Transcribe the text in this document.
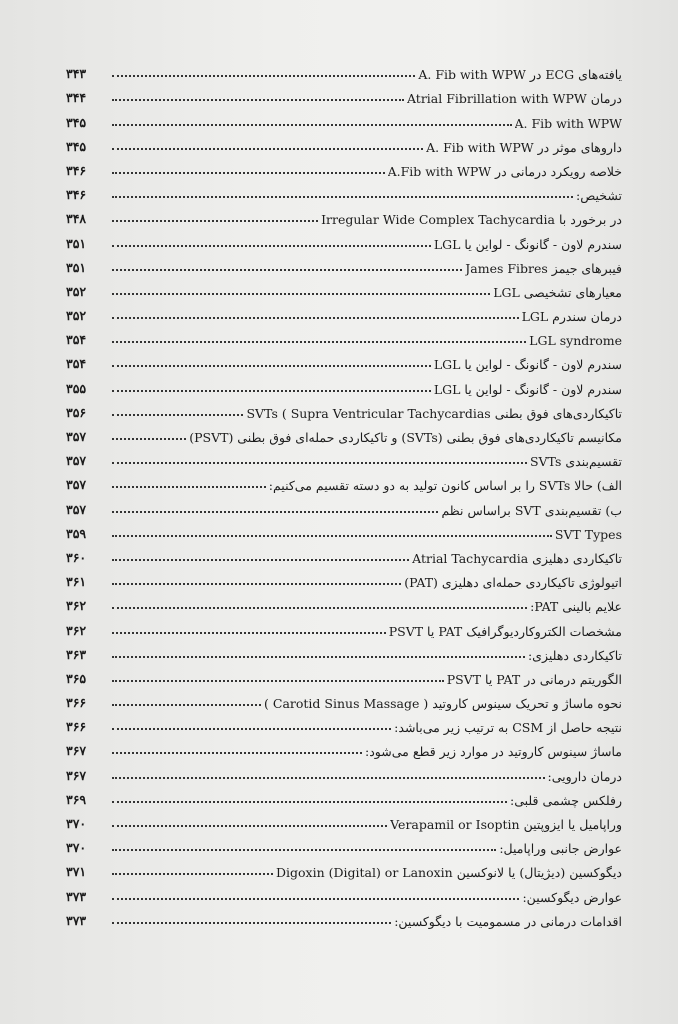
۳۴۳	یافته‌های ECG در A. Fib with WPW
۳۴۴	درمان Atrial Fibrillation with WPW
۳۴۵	A. Fib with WPW
۳۴۵	داروهای موثر در A. Fib with WPW
۳۴۶	خلاصه رویکرد درمانی در A.Fib with WPW
۳۴۶	تشخیص:
۳۴۸	در برخورد با Irregular Wide Complex Tachycardia
۳۵۱	سندرم لاون - گانونگ - لواین یا LGL
۳۵۱	فیبرهای جیمز James Fibres
۳۵۲	معیارهای تشخیصی LGL
۳۵۲	درمان سندرم LGL
۳۵۴	LGL syndrome
۳۵۴	سندرم لاون - گانونگ - لواین یا LGL
۳۵۵	سندرم لاون - گانونگ - لواین یا LGL
۳۵۶	تاکیکاردی‌های فوق بطنی SVTs ( Supra Ventricular Tachycardias
۳۵۷	مکانیسم تاکیکاردی‌های فوق بطنی (SVTs) و تاکیکاردی حمله‌ای فوق بطنی (PSVT)
۳۵۷	تقسیم‌بندی SVTs
۳۵۷	الف) حالا SVTs را بر اساس کانون تولید به دو دسته تقسیم می‌کنیم:
۳۵۷	ب) تقسیم‌بندی SVT براساس نظم
۳۵۹	SVT Types
۳۶۰	تاکیکاردی دهلیزی Atrial Tachycardia
۳۶۱	اتیولوژی تاکیکاردی حمله‌ای دهلیزی (PAT)
۳۶۲	علایم بالینی PAT:
۳۶۲	مشخصات الکتروکاردیوگرافیک PAT یا PSVT
۳۶۳	تاکیکاردی دهلیزی:
۳۶۵	الگوریتم درمانی در PAT یا PSVT
۳۶۶	نحوه ماساژ و تحریک سینوس کاروتید ( Carotid Sinus Massage )
۳۶۶	نتیجه حاصل از CSM به ترتیب زیر می‌باشد:
۳۶۷	ماساژ سینوس کاروتید در موارد زیر قطع می‌شود:
۳۶۷	درمان دارویی:
۳۶۹	رفلکس چشمی قلبی:
۳۷۰	وراپامیل یا ایزوپتین Verapamil or Isoptin
۳۷۰	عوارض جانبی وراپامیل:
۳۷۱	دیگوکسین (دیژیتال) یا لانوکسین Digoxin (Digital) or Lanoxin
۳۷۳	عوارض دیگوکسین:
۳۷۳	اقدامات درمانی در مسمومیت با دیگوکسین:
